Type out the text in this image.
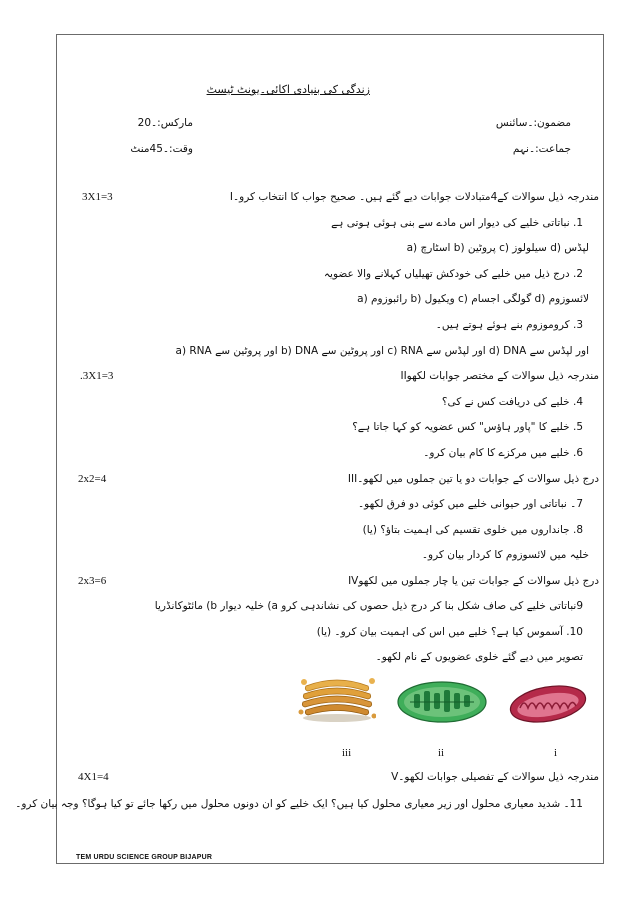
زندگی کی بنیادی اکائی۔یونٹ ٹیسٹ
مضمون:۔سائنس
مارکس:۔20
جماعت:۔نہم
وقت:۔45منٹ
Iمندرجہ ذیل سوالات کے4متبادلات جوابات دیے گئے ہیں۔ صحیح جواب کا انتخاب کرو۔
3X1=3
1. نباتاتی خلیے کی دیوار اس مادے سے بنی ہوئی ہوتی ہے
a) اسٹارچ b) پروٹین c) سیلولوز d) لپڈس
2. درج ذیل میں خلیے کی خودکش تھیلیاں کہلانے والا عضویہ
a) رائبوزوم b) ویکیول c) گولگی اجسام d) لائسوزوم
3. کروموزوم بنے ہوئے ہوتے ہیں۔
a) RNA اور پروٹین سے b) DNA اور پروٹین سے c) RNA اور لپڈس سے d) DNA اور لپڈس سے
IIمندرجہ ذیل سوالات کے مختصر جوابات لکھو
.3X1=3
4. خلیے کی دریافت کس نے کی؟
5. خلیے کا "پاور ہاؤس" کس عضویہ کو کہا جاتا ہے؟
6. خلیے میں مرکزے کا کام بیان کرو۔
IIIدرج ذیل سوالات کے جوابات دو یا تین جملوں میں لکھو۔
2x2=4
7۔ نباتاتی اور حیوانی خلیے میں کوئی دو فرق لکھو۔
8. جانداروں میں خلوی تقسیم کی اہمیت بتاؤ؟ (یا)
خلیہ میں لائسوزوم کا کردار بیان کرو۔
IVدرج ذیل سوالات کے جوابات تین یا چار جملوں میں لکھو
2x3=6
9نباتاتی خلیے کی صاف شکل بنا کر درج ذیل حصوں کی نشاندہی کرو a) خلیہ دیوار b) مائٹوکانڈریا
10. آسموس کیا ہے؟ خلیے میں اس کی اہمیت بیان کرو۔ (یا)
تصویر میں دیے گئے خلوی عضویوں کے نام لکھو۔
iii	ii	i
Vمندرجہ ذیل سوالات کے تفصیلی جوابات لکھو۔
4X1=4
11۔ شدید معیاری محلول اور زیر معیاری محلول کیا ہیں؟ ایک خلیے کو ان دونوں محلول میں رکھا جائے تو کیا ہوگا؟ وجہ بیان کرو۔
TEM URDU SCIENCE GROUP BIJAPUR
